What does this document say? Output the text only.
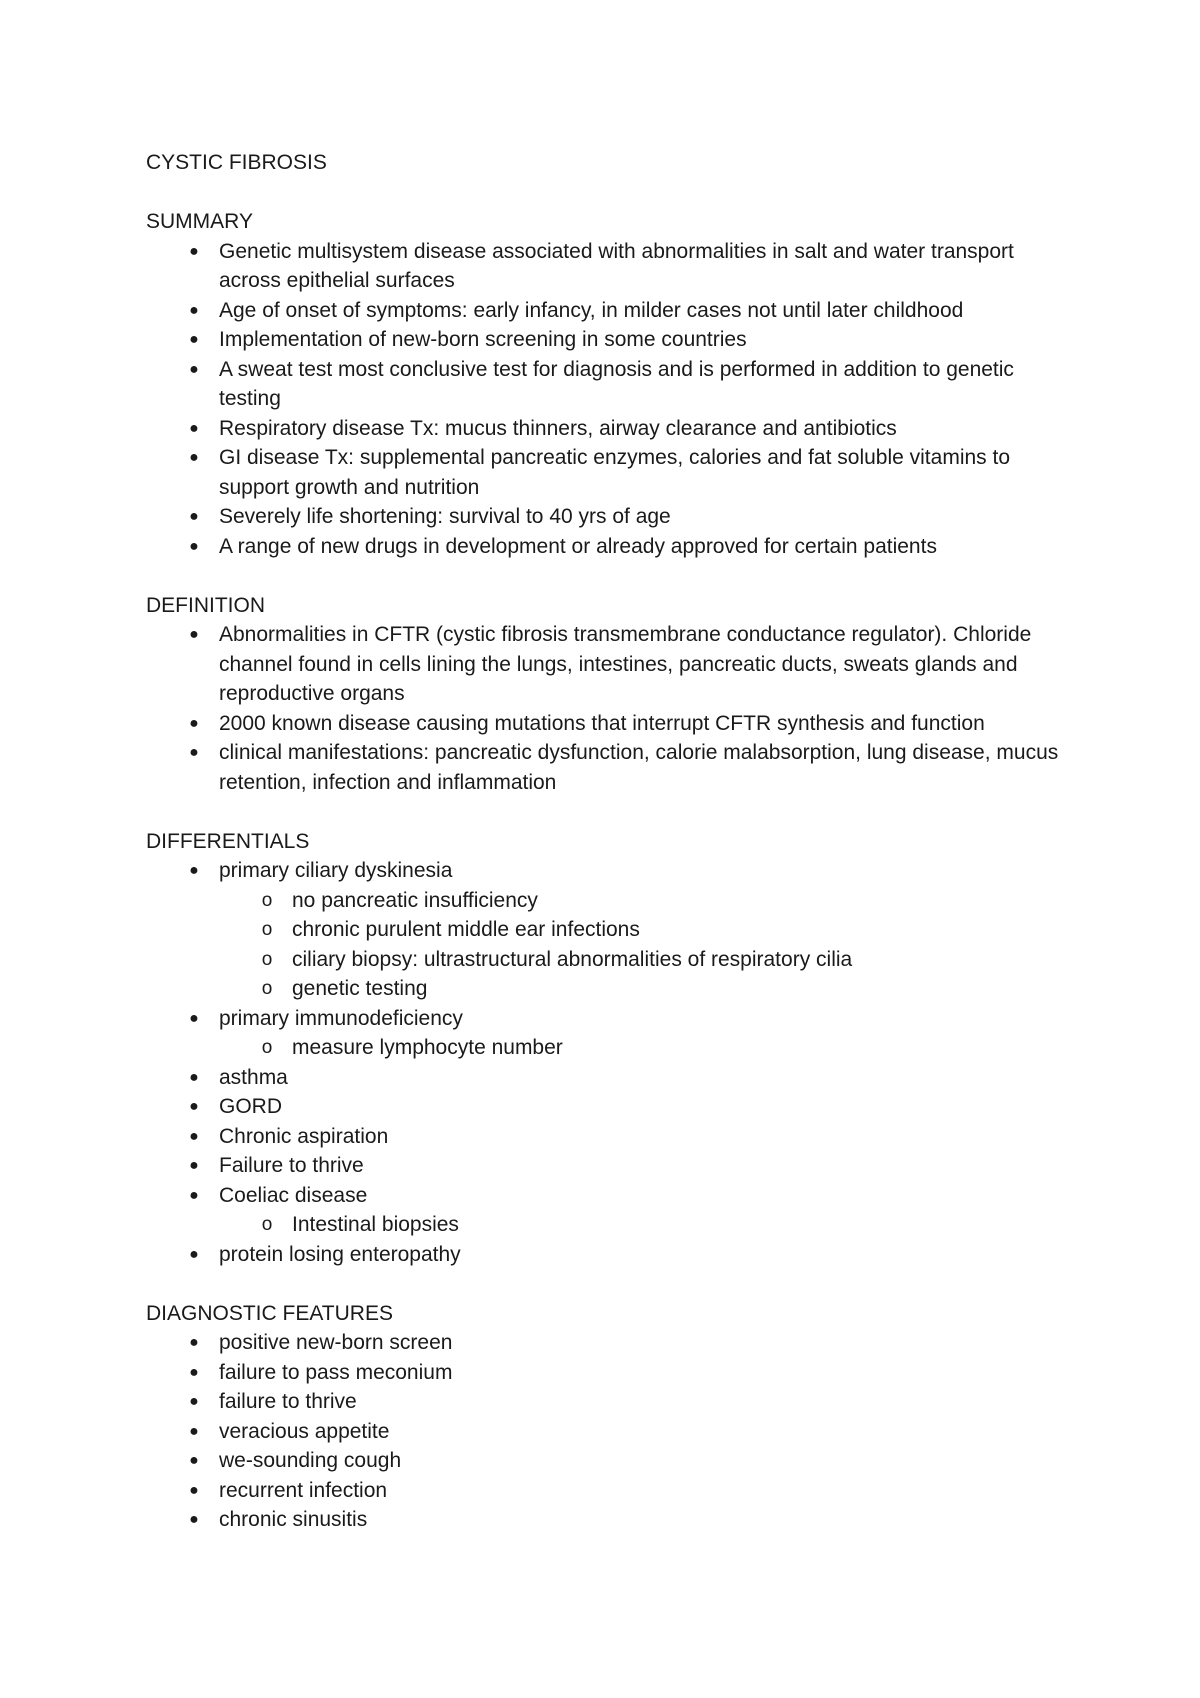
CYSTIC FIBROSIS
SUMMARY
● Genetic multisystem disease associated with abnormalities in salt and water transport across epithelial surfaces
● Age of onset of symptoms: early infancy, in milder cases not until later childhood
● Implementation of new-born screening in some countries
● A sweat test most conclusive test for diagnosis and is performed in addition to genetic testing
● Respiratory disease Tx: mucus thinners, airway clearance and antibiotics
● GI disease Tx: supplemental pancreatic enzymes, calories and fat soluble vitamins to support growth and nutrition
● Severely life shortening: survival to 40 yrs of age
● A range of new drugs in development or already approved for certain patients
DEFINITION
● Abnormalities in CFTR (cystic fibrosis transmembrane conductance regulator). Chloride channel found in cells lining the lungs, intestines, pancreatic ducts, sweats glands and reproductive organs
● 2000 known disease causing mutations that interrupt CFTR synthesis and function
● clinical manifestations: pancreatic dysfunction, calorie malabsorption, lung disease, mucus retention, infection and inflammation
DIFFERENTIALS
● primary ciliary dyskinesia
o no pancreatic insufficiency
o chronic purulent middle ear infections
o ciliary biopsy: ultrastructural abnormalities of respiratory cilia
o genetic testing
● primary immunodeficiency
o measure lymphocyte number
● asthma
● GORD
● Chronic aspiration
● Failure to thrive
● Coeliac disease
o Intestinal biopsies
● protein losing enteropathy
DIAGNOSTIC FEATURES
● positive new-born screen
● failure to pass meconium
● failure to thrive
● veracious appetite
● we-sounding cough
● recurrent infection
● chronic sinusitis
